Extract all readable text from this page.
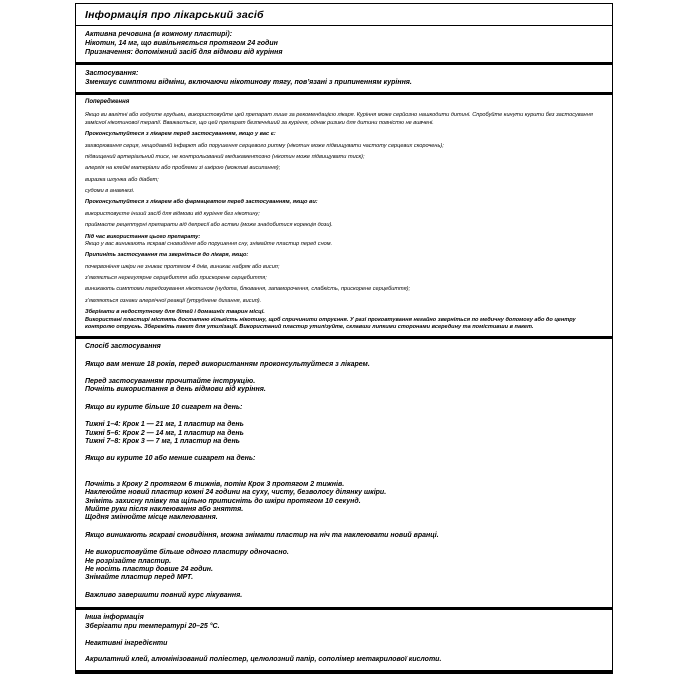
Інформація про лікарський засіб

Активна речовина (в кожному пластирі):

Нікотин, 14 мг, що вивільняється протягом 24 годин

Призначення: допоміжний засіб для відмови від куріння

Застосування:

Зменшує симптоми відміни, включаючи нікотинову тягу, пов’язані з припиненням куріння.

Попередження

Якщо ви вагітні або годуєте грудьми, використовуйте цей препарат лише за рекомендацією лікаря. Куріння може серйозно нашкодити дитині. Спробуйте кинути курити без застосування замісної нікотинової терапії. Вважається, що цей препарат безпечніший за куріння, однак ризики для дитини повністю не вивчені.

Проконсультуйтеся з лікарем перед застосуванням, якщо у вас є:

захворювання серця, нещодавній інфаркт або порушення серцевого ритму (нікотин може підвищувати частоту серцевих скорочень);

підвищений артеріальний тиск, не контрольований медикаментозно (нікотин може підвищувати тиск);

алергія на клейкі матеріали або проблеми зі шкірою (можливі висипання);

виразка шлунка або діабет;

судоми в анамнезі.

Проконсультуйтеся з лікарем або фармацевтом перед застосуванням, якщо ви:

використовуєте інший засіб для відмови від куріння без нікотину;

приймаєте рецептурні препарати від депресії або астми (може знадобитися корекція дози).

Під час використання цього препарату:

Якщо у вас виникають яскраві сновидіння або порушення сну, знімайте пластир перед сном.

Припиніть застосування та зверніться до лікаря, якщо:

почервоніння шкіри не зникає протягом 4 днів, виникає набряк або висип;

з’являється нерегулярне серцебиття або прискорене серцебиття;

виникають симптоми передозування нікотином (нудота, блювання, запаморочення, слабкість, прискорене серцебиття);

з’являються ознаки алергічної реакції (утруднене дихання, висип).

Зберігати в недоступному для дітей і домашніх тварин місці.

Використані пластирі містять достатню кількість нікотину, щоб спричинити отруєння. У разі проковтування негайно зверніться по медичну допомогу або до центру контролю отруєнь. Збережіть пакет для утилізації. Використаний пластир утилізуйте, склавши липкими сторонами всередину та помістивши в пакет.

Спосіб застосування

Якщо вам менше 18 років, перед використанням проконсультуйтеся з лікарем.

Перед застосуванням прочитайте інструкцію.

Почніть використання в день відмови від куріння.

Якщо ви курите більше 10 сигарет на день:

Тижні 1–4: Крок 1 — 21 мг, 1 пластир на день

Тижні 5–6: Крок 2 — 14 мг, 1 пластир на день

Тижні 7–8: Крок 3 — 7 мг, 1 пластир на день

Якщо ви курите 10 або менше сигарет на день:

Почніть з Кроку 2 протягом 6 тижнів, потім Крок 3 протягом 2 тижнів.

Наклеюйте новий пластир кожні 24 години на суху, чисту, безволосу ділянку шкіри.

Зніміть захисну плівку та щільно притисніть до шкіри протягом 10 секунд.

Мийте руки після наклеювання або зняття.

Щодня змінюйте місце наклеювання.

Якщо виникають яскраві сновидіння, можна знімати пластир на ніч та наклеювати новий вранці.

Не використовуйте більше одного пластиру одночасно.

Не розрізайте пластир.

Не носіть пластир довше 24 годин.

Знімайте пластир перед МРТ.

Важливо завершити повний курс лікування.

Інша інформація

Зберігати при температурі 20–25 °C.

Неактивні інгредієнти

Акрилатний клей, алюмінізований поліестер, целюлозний папір, сополімер метакрилової кислоти.
